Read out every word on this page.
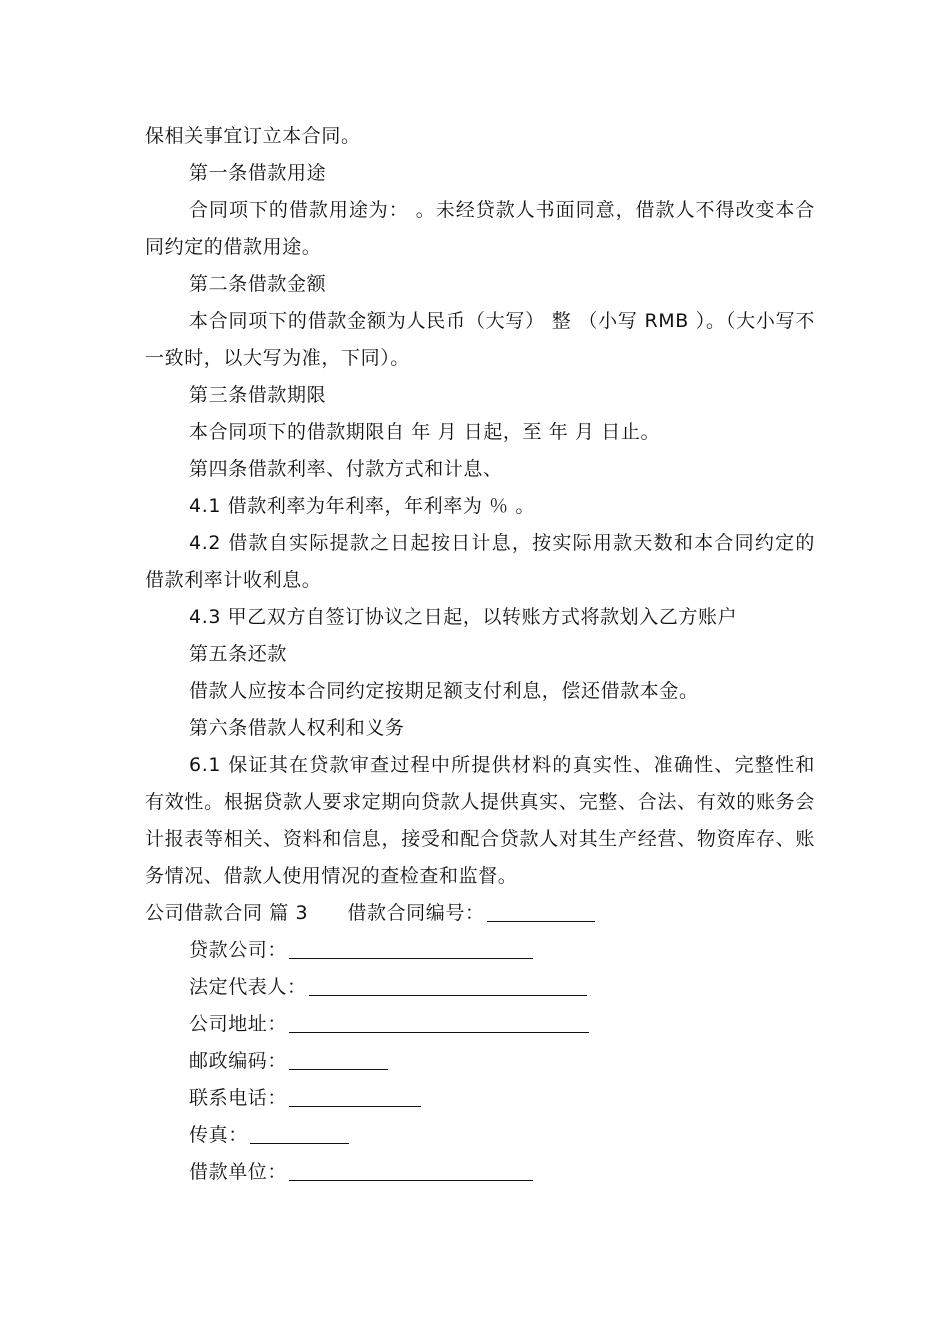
保相关事宜订立本合同。

第一条借款用途

合同项下的借款用途为： 。未经贷款人书面同意，借款人不得改变本合同约定的借款用途。

第二条借款金额

本合同项下的借款金额为人民币（大写） 整 （小写 RMB ）。（大小写不一致时，以大写为准，下同）。

第三条借款期限

本合同项下的借款期限自 年 月 日起，至 年 月 日止。

第四条借款利率、付款方式和计息、

4.1 借款利率为年利率，年利率为 ％ 。

4.2 借款自实际提款之日起按日计息，按实际用款天数和本合同约定的借款利率计收利息。

4.3 甲乙双方自签订协议之日起，以转账方式将款划入乙方账户

第五条还款

借款人应按本合同约定按期足额支付利息，偿还借款本金。

第六条借款人权利和义务

6.1 保证其在贷款审查过程中所提供材料的真实性、准确性、完整性和有效性。根据贷款人要求定期向贷款人提供真实、完整、合法、有效的账务会计报表等相关、资料和信息，接受和配合贷款人对其生产经营、物资库存、账务情况、借款人使用情况的查检查和监督。

公司借款合同 篇 3　　借款合同编号：

贷款公司：

法定代表人：

公司地址：

邮政编码：

联系电话：

传真：

借款单位：
